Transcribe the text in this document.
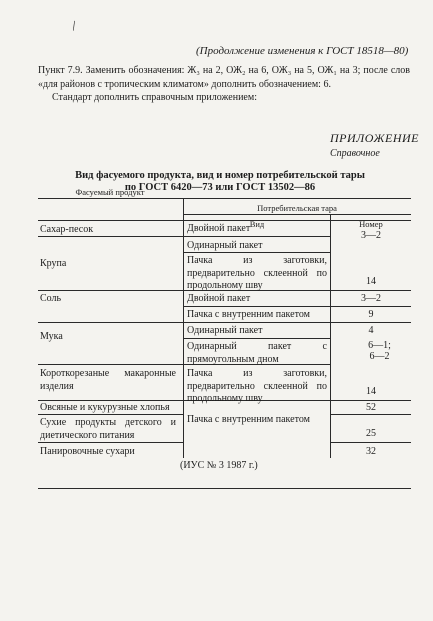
/
(Продолжение изменения к ГОСТ 18518—80)
Пункт 7.9. Заменить обозначения: Ж₃ на 2, ОЖ₂ на 6, ОЖ₃ на 5, ОЖ₁ на 3; после слов «для районов с тропическим климатом» дополнить обозначением: 6.
Стандарт дополнить справочным приложением:
ПРИЛОЖЕНИЕ
Справочное
Вид фасуемого продукта, вид и номер потребительской тары
по ГОСТ 6420—73 или ГОСТ 13502—86
Фасуемый продукт
Потребительская тара
Вид	Номер
Сахар-песок
Крупа
Соль
Мука
Короткорезаные макаронные изделия
Овсяные и кукурузные хлопья
Сухие продукты детского и диетического питания
Панировочные сухари
Двойной пакет
Одинарный пакет
Пачка из заготовки, предварительно склеенной по продольному шву
Двойной пакет
Пачка с внутренним пакетом
Одинарный пакет
Одинарный пакет с прямоугольным дном
Пачка из заготовки, предварительно склеенной по продольному шву
Пачка с внутренним пакетом
3—2
14
3—2
9
4
6—1;
6—2
14
52
25
32
(ИУС № 3 1987 г.)
